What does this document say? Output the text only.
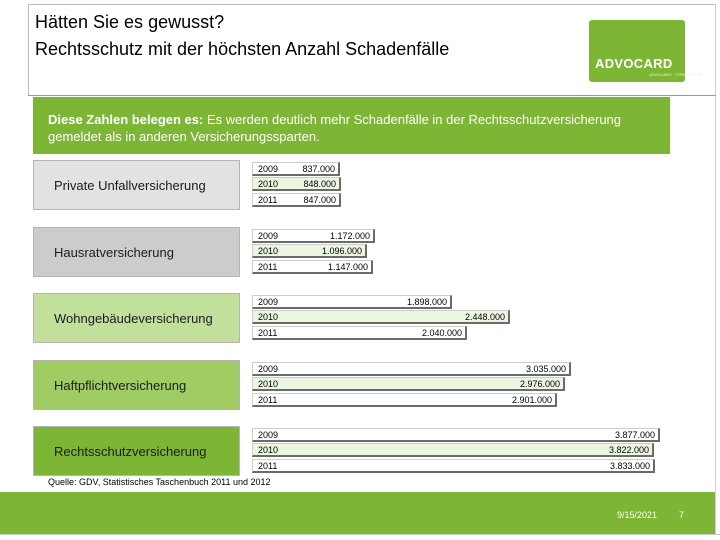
Hätten Sie es gewusst?
Rechtsschutz mit der höchsten Anzahl Schadenfälle
ADVOCARD
ADVOCARD · STREITLOTSE
Diese Zahlen belegen es: Es werden deutlich mehr Schadenfälle in der Rechtsschutzversicherung gemeldet als in anderen Versicherungssparten.
Private Unfallversicherung
2009	837.000
2010	848.000
2011	847.000
Hausratversicherung
2009	1.172.000
2010	1.096.000
2011	1.147.000
Wohngebäudeversicherung
2009	1.898.000
2010	2.448.000
2011	2.040.000
Haftpflichtversicherung
2009	3.035.000
2010	2.976.000
2011	2.901.000
Rechtsschutzversicherung
2009	3.877.000
2010	3.822.000
2011	3.833.000
Quelle: GDV, Statistisches Taschenbuch 2011 und 2012
9/15/2021 7
